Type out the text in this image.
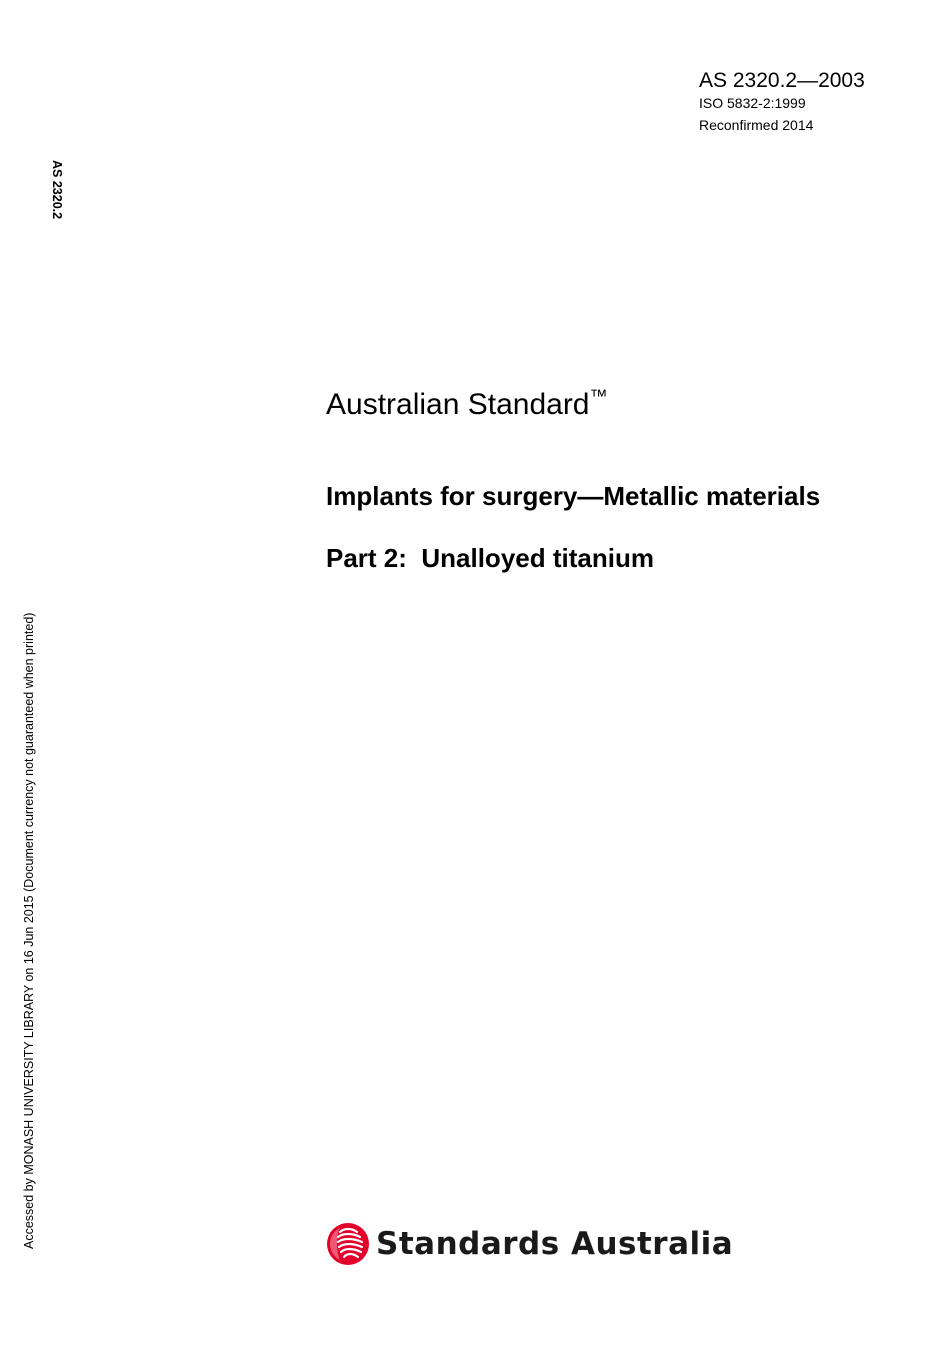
AS 2320.2—2003
ISO 5832-2:1999
Reconfirmed 2014
AS 2320.2
Accessed by MONASH UNIVERSITY LIBRARY on 16 Jun 2015 (Document currency not guaranteed when printed)
Australian Standard™
Implants for surgery—Metallic materials
Part 2:  Unalloyed titanium
Standards Australia
